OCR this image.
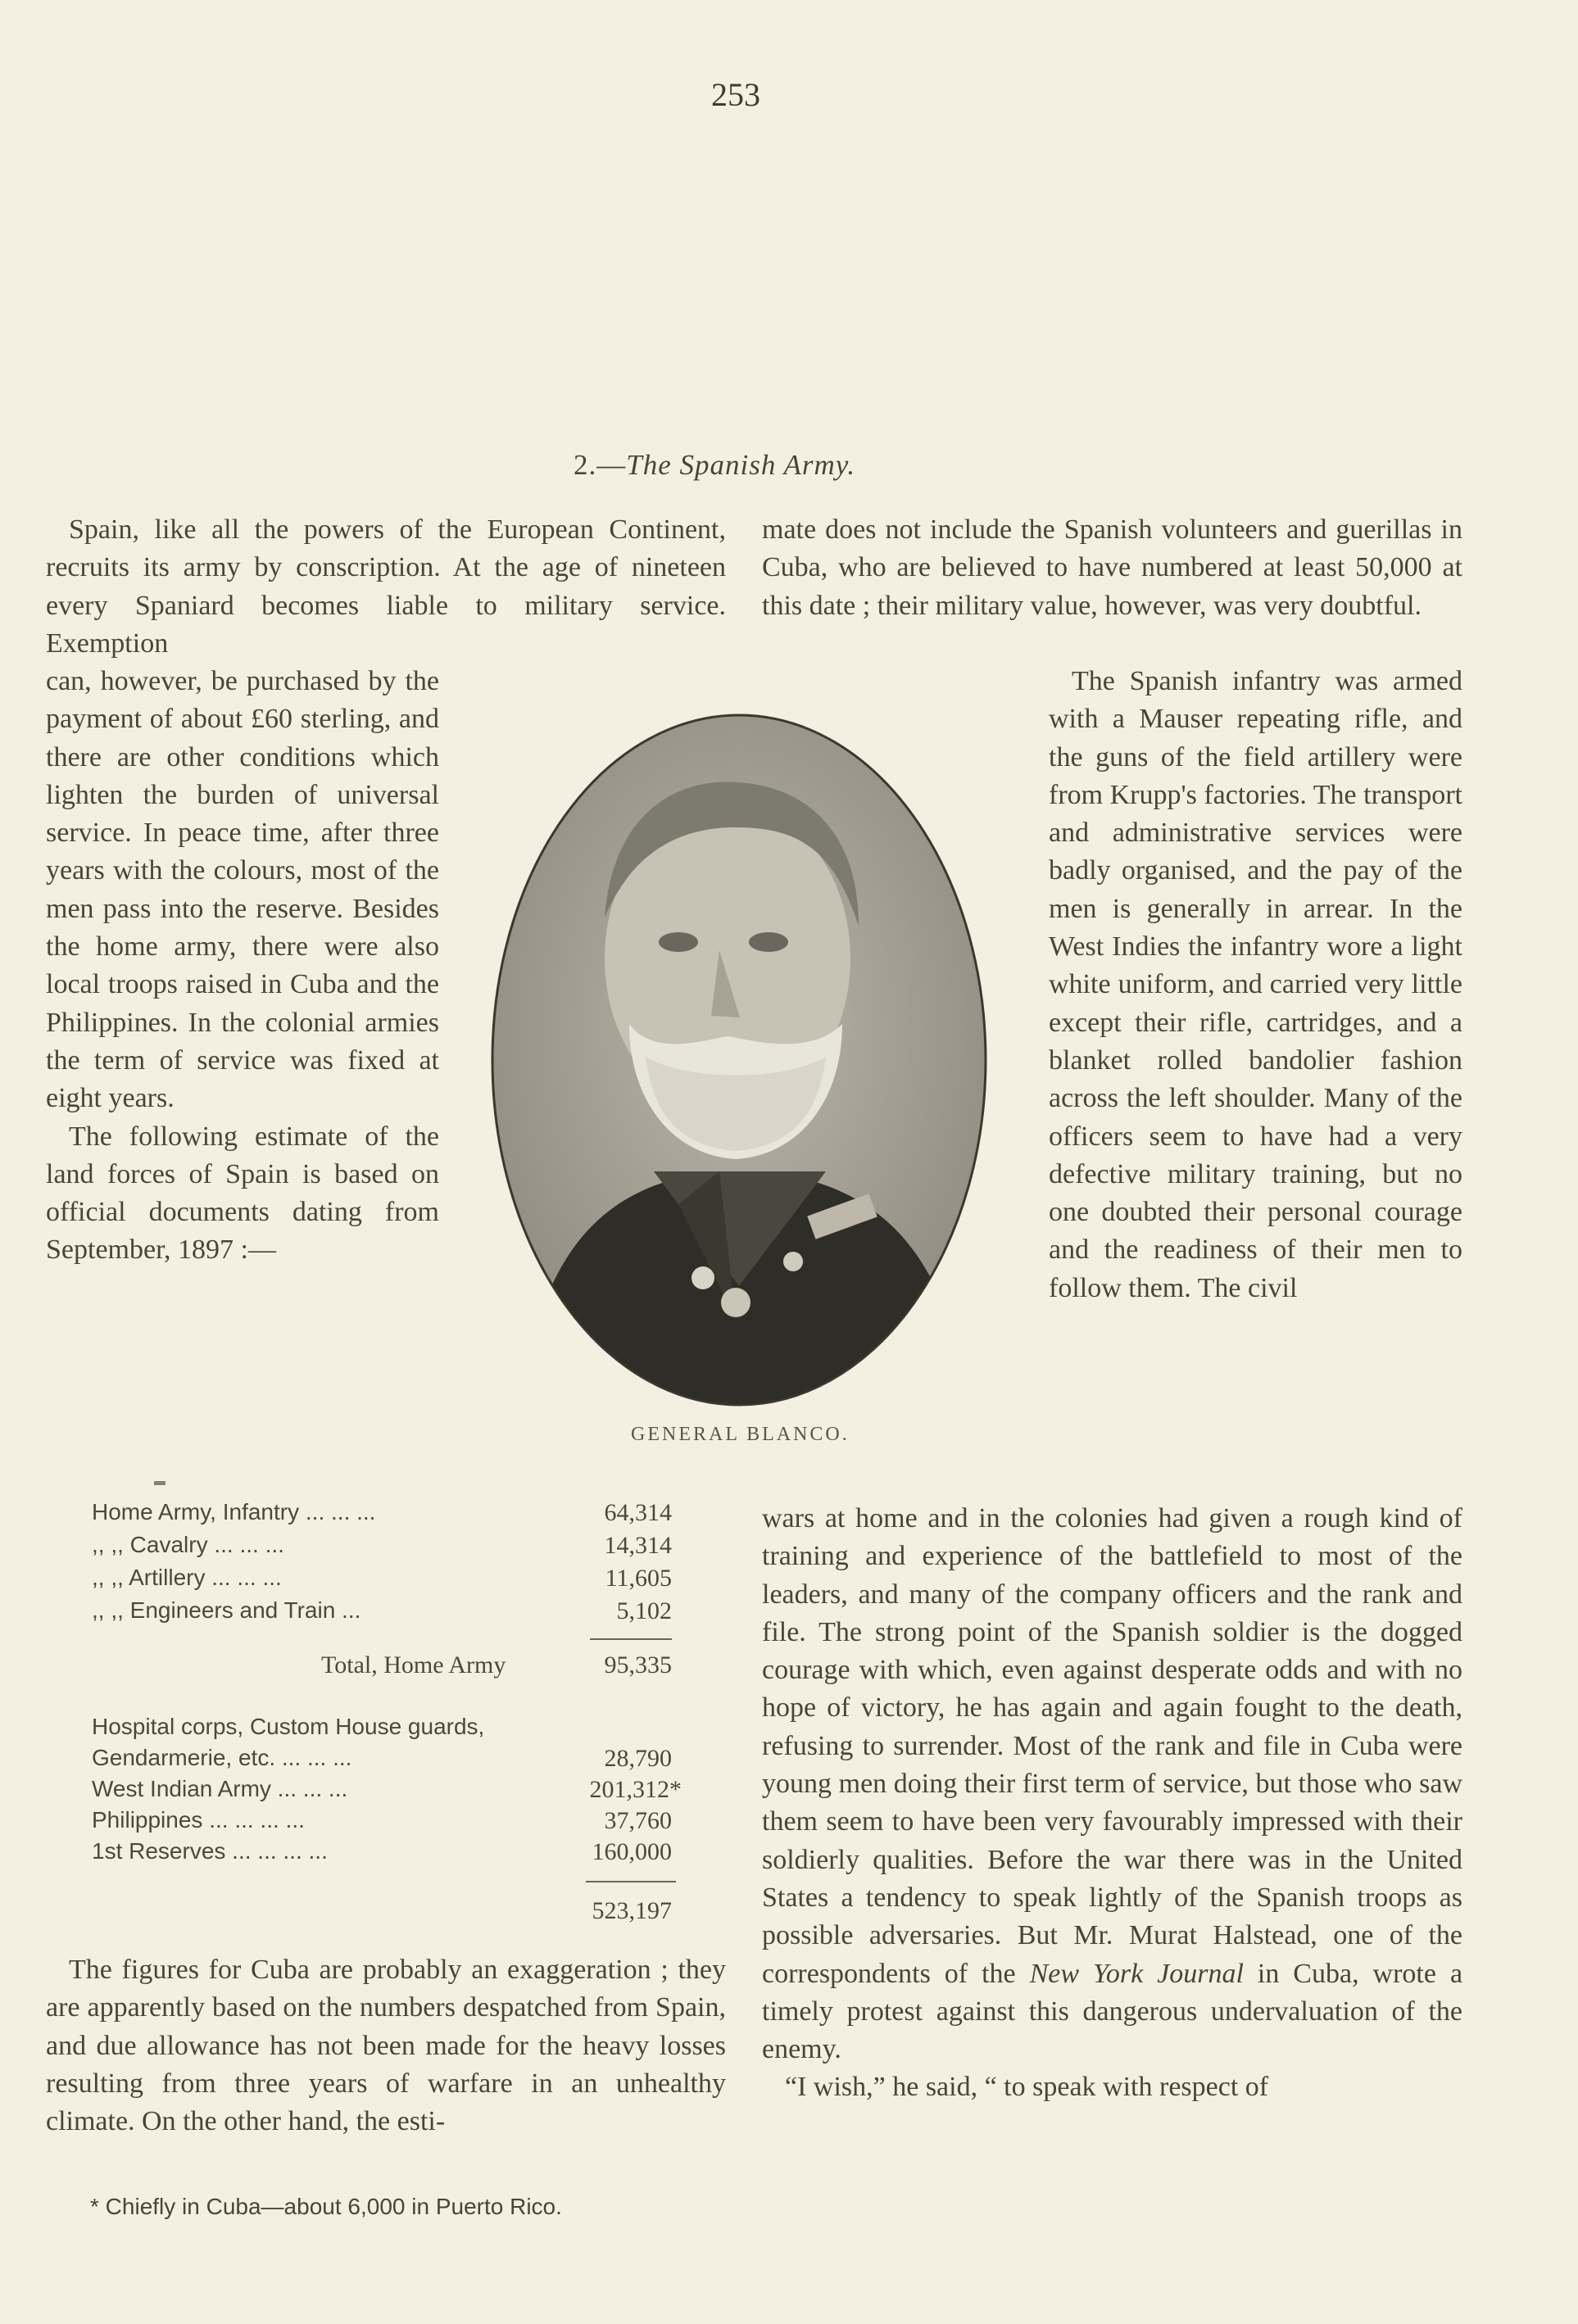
253
2.—The Spanish Army.

Spain, like all the powers of the European Continent, recruits its army by conscription. At the age of nineteen every Spaniard becomes liable to military service. Exemption

can, however, be purchased by the payment of about £60 sterling, and there are other conditions which lighten the burden of universal service. In peace time, after three years with the colours, most of the men pass into the reserve. Besides the home army, there were also local troops raised in Cuba and the Philippines. In the colonial armies the term of service was fixed at eight years.

The following estimate of the land forces of Spain is based on official documents dating from September, 1897 :—

mate does not include the Spanish volunteers and guerillas in Cuba, who are believed to have numbered at least 50,000 at this date ; their military value, however, was very doubtful.

The Spanish infantry was armed with a Mauser repeating rifle, and the guns of the field artillery were from Krupp's factories. The transport and administrative services were badly organised, and the pay of the men is generally in arrear. In the West Indies the infantry wore a light white uniform, and carried very little except their rifle, cartridges, and a blanket rolled bandolier fashion across the left shoulder. Many of the officers seem to have had a very defective military training, but no one doubted their personal courage and the readiness of their men to follow them. The civil

wars at home and in the colonies had given a rough kind of training and experience of the battlefield to most of the leaders, and many of the company officers and the rank and file. The strong point of the Spanish soldier is the dogged courage with which, even against desperate odds and with no hope of victory, he has again and again fought to the death, refusing to surrender. Most of the rank and file in Cuba were young men doing their first term of service, but those who saw them seem to have been very favourably impressed with their soldierly qualities. Before the war there was in the United States a tendency to speak lightly of the Spanish troops as possible adversaries. But Mr. Murat Halstead, one of the correspondents of the New York Journal in Cuba, wrote a timely protest against this dangerous undervaluation of the enemy.

“I wish,” he said, “ to speak with respect of

GENERAL BLANCO.
Home Army, Infantry ... ... ...	64,314
,, ,, Cavalry ... ... ...	14,314
,, ,, Artillery ... ... ...	11,605
,, ,, Engineers and Train ...	5,102
Total, Home Army	95,335
Hospital corps, Custom House guards,
Gendarmerie, etc. ... ... ...	28,790
West Indian Army ... ... ...	201,312*
Philippines ... ... ... ...	37,760
1st Reserves ... ... ... ...	160,000
523,197

The figures for Cuba are probably an exaggeration ; they are apparently based on the numbers despatched from Spain, and due allowance has not been made for the heavy losses resulting from three years of warfare in an unhealthy climate. On the other hand, the esti-

* Chiefly in Cuba—about 6,000 in Puerto Rico.
